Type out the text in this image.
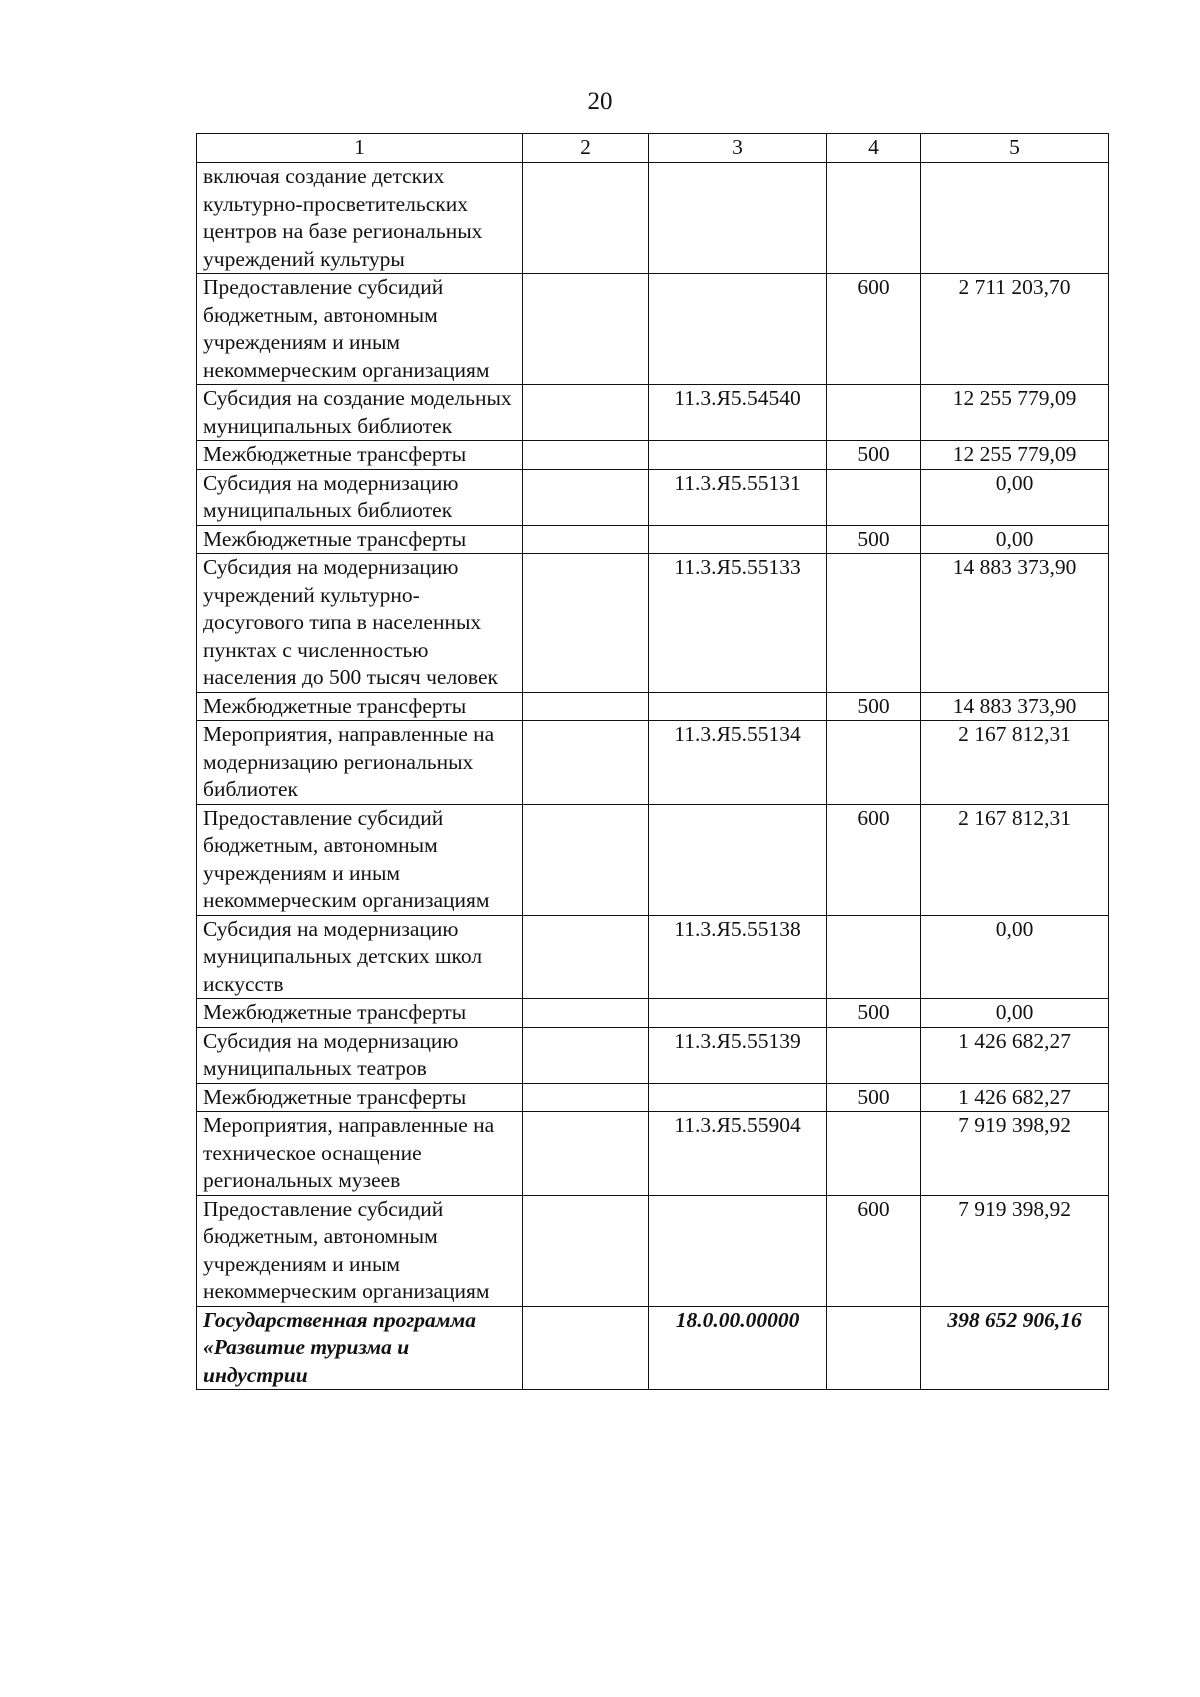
20
1	2	3	4	5
включая создание детских культурно-просветительских центров на базе региональных учреждений культуры				
Предоставление субсидий бюджетным, автономным учреждениям и иным некоммерческим организациям			600	2 711 203,70
Субсидия на создание модельных муниципальных библиотек		11.3.Я5.54540		12 255 779,09
Межбюджетные трансферты			500	12 255 779,09
Субсидия на модернизацию муниципальных библиотек		11.3.Я5.55131		0,00
Межбюджетные трансферты			500	0,00
Субсидия на модернизацию учреждений культурно-досугового типа в населенных пунктах с численностью населения до 500 тысяч человек		11.3.Я5.55133		14 883 373,90
Межбюджетные трансферты			500	14 883 373,90
Мероприятия, направленные на модернизацию региональных библиотек		11.3.Я5.55134		2 167 812,31
Предоставление субсидий бюджетным, автономным учреждениям и иным некоммерческим организациям			600	2 167 812,31
Субсидия на модернизацию муниципальных детских школ искусств		11.3.Я5.55138		0,00
Межбюджетные трансферты			500	0,00
Субсидия на модернизацию муниципальных театров		11.3.Я5.55139		1 426 682,27
Межбюджетные трансферты			500	1 426 682,27
Мероприятия, направленные на техническое оснащение региональных музеев		11.3.Я5.55904		7 919 398,92
Предоставление субсидий бюджетным, автономным учреждениям и иным некоммерческим организациям			600	7 919 398,92
Государственная программа «Развитие туризма и индустрии		18.0.00.00000		398 652 906,16
